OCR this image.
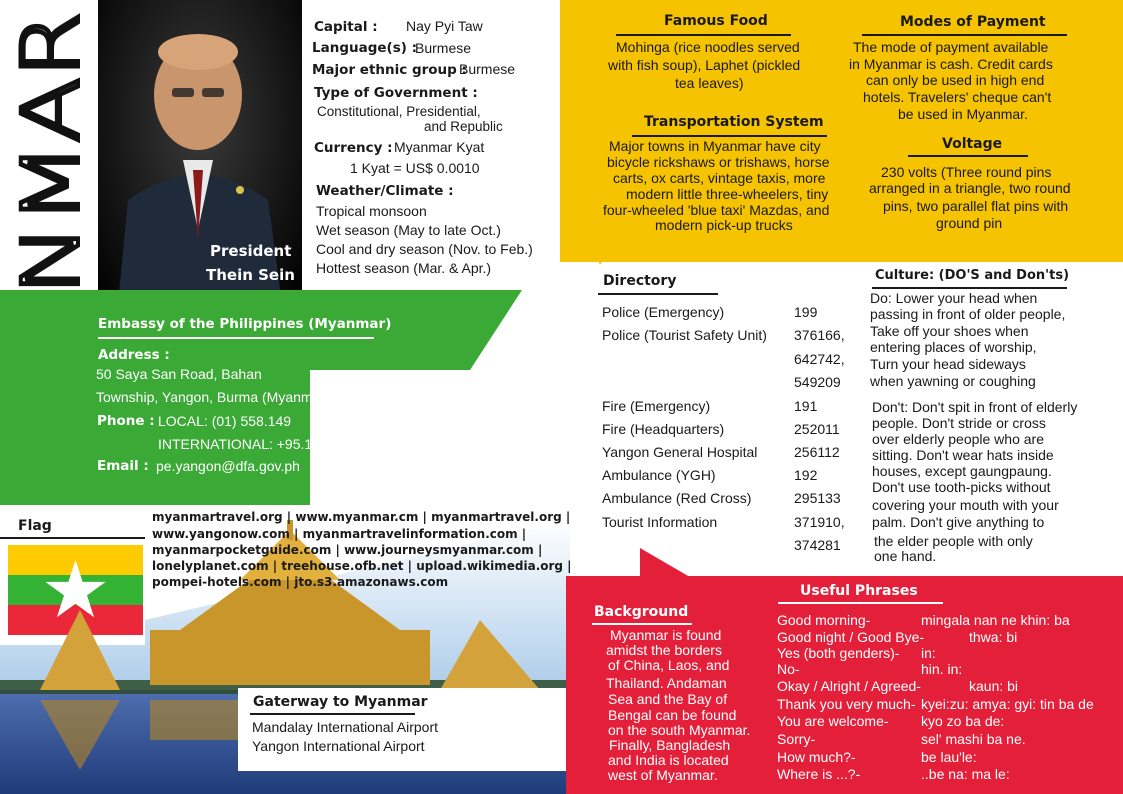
President
Thein Sein
Capital : Nay Pyi Taw
Language(s) :
Burmese
Major ethnic group :
Burmese
Type of Government :
Constitutional, Presidential,
and Republic
Currency : Myanmar Kyat
1 Kyat = US$ 0.0010
Weather/Climate :
Tropical monsoon
Wet season (May to late Oct.)
Cool and dry season (Nov. to Feb.)
Hottest season (Mar. & Apr.)
Embassy of the Philippines (Myanmar)
Address :
50 Saya San Road, Bahan
Township, Yangon, Burma (Myanmar)
Phone : LOCAL: (01) 558.149
INTERNATIONAL: +95.1.558.149
Email : pe.yangon@dfa.gov.ph
Flag
myanmartravel.org | www.myanmar.cm | myanmartravel.org |
www.yangonow.com | myanmartravelinformation.com |
myanmarpocketguide.com | www.journeysmyanmar.com |
lonelyplanet.com | treehouse.ofb.net | upload.wikimedia.org |
pompei-hotels.com | jto.s3.amazonaws.com
Gaterway to Myanmar
Mandalay International Airport
Yangon International Airport
Famous Food
Mohinga (rice noodles served
with fish soup), Laphet (pickled
tea leaves)
Modes of Payment
The mode of payment available
in Myanmar is cash. Credit cards
can only be used in high end
hotels. Travelers' cheque can't
be used in Myanmar.
Transportation System
Major towns in Myanmar have city
bicycle rickshaws or trishaws, horse
carts, ox carts, vintage taxis, more
modern little three-wheelers, tiny
four-wheeled 'blue taxi' Mazdas, and
modern pick-up trucks
Voltage
230 volts (Three round pins
arranged in a triangle, two round
pins, two parallel flat pins with
ground pin
Directory
Police (Emergency)	199
Police (Tourist Safety Unit) 376166,
642742,
549209
Fire (Emergency)	191
Fire (Headquarters)	252011
Yangon General Hospital	256112
Ambulance (YGH)	192
Ambulance (Red Cross)	295133
Tourist Information	371910,
374281
Culture: (DO'S and Don'ts)
Do: Lower your head when
passing in front of older people,
Take off your shoes when
entering places of worship,
Turn your head sideways
when yawning or coughing
Don't: Don't spit in front of elderly
people. Don't stride or cross
over elderly people who are
sitting. Don't wear hats inside
houses, except gaungpaung.
Don't use tooth-picks without
covering your mouth with your
palm. Don't give anything to
the elder people with only
one hand.
Background
Myanmar is found
amidst the borders
of China, Laos, and
Thailand. Andaman
Sea and the Bay of
Bengal can be found
on the south Myanmar.
Finally, Bangladesh
and India is located
west of Myanmar.
Useful Phrases
Good morning-	mingala nan ne khin: ba
Good night / Good Bye-	thwa: bi
Yes (both genders)- in:
No-	hin. in:
Okay / Alright / Agreed-	kaun: bi
Thank you very much- kyei:zu: amya: gyi: tin ba de
You are welcome- kyo zo ba de:
Sorry-	sel' mashi ba ne.
How much?-	be lau'le:
Where is ...?-	..be na: ma le:
